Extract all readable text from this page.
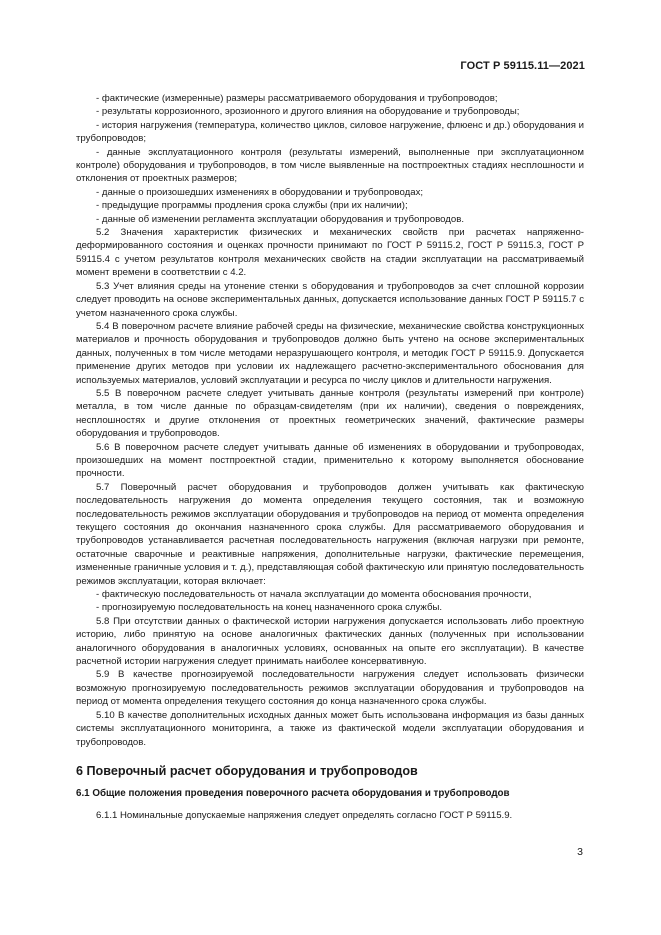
ГОСТ Р 59115.11—2021

- фактические (измеренные) размеры рассматриваемого оборудования и трубопроводов;

- результаты коррозионного, эрозионного и другого влияния на оборудование и трубопроводы;

- история нагружения (температура, количество циклов, силовое нагружение, флюенс и др.) оборудования и трубопроводов;

- данные эксплуатационного контроля (результаты измерений, выполненные при эксплуатационном контроле) оборудования и трубопроводов, в том числе выявленные на постпроектных стадиях несплошности и отклонения от проектных размеров;

- данные о произошедших изменениях в оборудовании и трубопроводах;

- предыдущие программы продления срока службы (при их наличии);

- данные об изменении регламента эксплуатации оборудования и трубопроводов.

5.2 Значения характеристик физических и механических свойств при расчетах напряженно-деформированного состояния и оценках прочности принимают по ГОСТ Р 59115.2, ГОСТ Р 59115.3, ГОСТ Р 59115.4 с учетом результатов контроля механических свойств на стадии эксплуатации на рассматриваемый момент времени в соответствии с 4.2.

5.3 Учет влияния среды на утонение стенки s оборудования и трубопроводов за счет сплошной коррозии следует проводить на основе экспериментальных данных, допускается использование данных ГОСТ Р 59115.7 с учетом назначенного срока службы.

5.4 В поверочном расчете влияние рабочей среды на физические, механические свойства конструкционных материалов и прочность оборудования и трубопроводов должно быть учтено на основе экспериментальных данных, полученных в том числе методами неразрушающего контроля, и методик ГОСТ Р 59115.9. Допускается применение других методов при условии их надлежащего расчетно-экспериментального обоснования для используемых материалов, условий эксплуатации и ресурса по числу циклов и длительности нагружения.

5.5 В поверочном расчете следует учитывать данные контроля (результаты измерений при контроле) металла, в том числе данные по образцам-свидетелям (при их наличии), сведения о повреждениях, несплошностях и другие отклонения от проектных геометрических значений, фактические размеры оборудования и трубопроводов.

5.6 В поверочном расчете следует учитывать данные об изменениях в оборудовании и трубопроводах, произошедших на момент постпроектной стадии, применительно к которому выполняется обоснование прочности.

5.7 Поверочный расчет оборудования и трубопроводов должен учитывать как фактическую последовательность нагружения до момента определения текущего состояния, так и возможную последовательность режимов эксплуатации оборудования и трубопроводов на период от момента определения текущего состояния до окончания назначенного срока службы. Для рассматриваемого оборудования и трубопроводов устанавливается расчетная последовательность нагружения (включая нагрузки при ремонте, остаточные сварочные и реактивные напряжения, дополнительные нагрузки, фактические перемещения, измененные граничные условия и т. д.), представляющая собой фактическую или принятую последовательность режимов эксплуатации, которая включает:

- фактическую последовательность от начала эксплуатации до момента обоснования прочности,

- прогнозируемую последовательность на конец назначенного срока службы.

5.8 При отсутствии данных о фактической истории нагружения допускается использовать либо проектную историю, либо принятую на основе аналогичных фактических данных (полученных при использовании аналогичного оборудования в аналогичных условиях, основанных на опыте его эксплуатации). В качестве расчетной истории нагружения следует принимать наиболее консервативную.

5.9 В качестве прогнозируемой последовательности нагружения следует использовать физически возможную прогнозируемую последовательность режимов эксплуатации оборудования и трубопроводов на период от момента определения текущего состояния до конца назначенного срока службы.

5.10 В качестве дополнительных исходных данных может быть использована информация из базы данных системы эксплуатационного мониторинга, а также из фактической модели эксплуатации оборудования и трубопроводов.

6 Поверочный расчет оборудования и трубопроводов

6.1 Общие положения проведения поверочного расчета оборудования и трубопроводов

6.1.1 Номинальные допускаемые напряжения следует определять согласно ГОСТ Р 59115.9.

3
